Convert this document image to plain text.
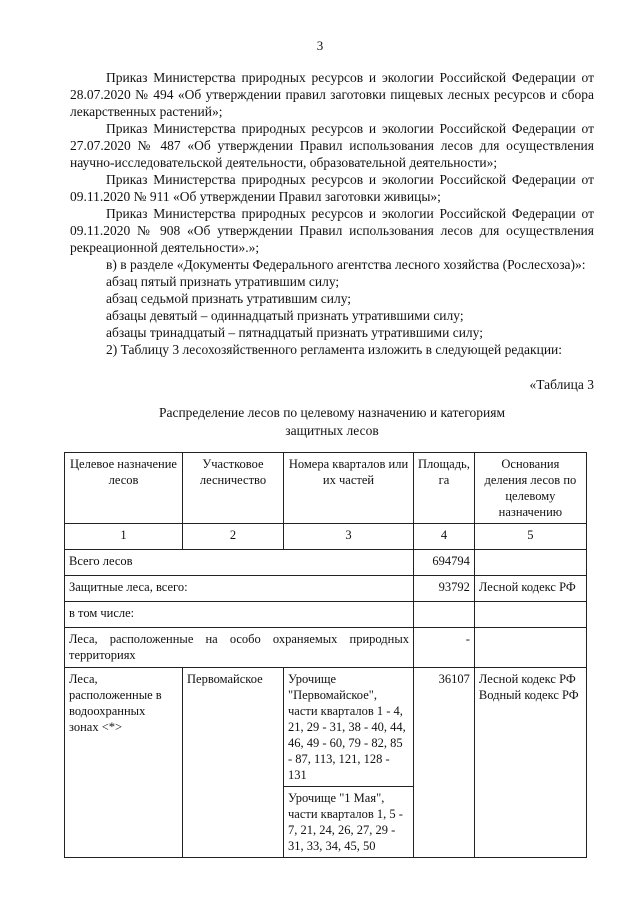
3

Приказ Министерства природных ресурсов и экологии Российской Федерации от 28.07.2020 № 494 «Об утверждении правил заготовки пищевых лесных ресурсов и сбора лекарственных растений»;

Приказ Министерства природных ресурсов и экологии Российской Федерации от 27.07.2020 № 487 «Об утверждении Правил использования лесов для осуществления научно-исследовательской деятельности, образовательной деятельности»;

Приказ Министерства природных ресурсов и экологии Российской Федерации от 09.11.2020 № 911 «Об утверждении Правил заготовки живицы»;

Приказ Министерства природных ресурсов и экологии Российской Федерации от 09.11.2020 № 908 «Об утверждении Правил использования лесов для осуществления рекреационной деятельности».»;

в) в разделе «Документы Федерального агентства лесного хозяйства (Рослесхоза)»:

абзац пятый признать утратившим силу;

абзац седьмой признать утратившим силу;

абзацы девятый – одиннадцатый признать утратившими силу;

абзацы тринадцатый – пятнадцатый признать утратившими силу;

2) Таблицу 3 лесохозяйственного регламента изложить в следующей редакции:

«Таблица 3
Распределение лесов по целевому назначению и категориям
защитных лесов
Целевое назначение лесов	Участковое лесничество	Номера кварталов или их частей	Площадь, га	Основания деления лесов по целевому назначению
1	2	3	4	5
Всего лесов			694794	
Защитные леса, всего:			93792	Лесной кодекс РФ
в том числе:				
Леса, расположенные на особо охраняемых природных территориях			-	
Леса, расположенные в водоохранных зонах <*>	Первомайское	Урочище "Первомайское", части кварталов 1 - 4, 21, 29 - 31, 38 - 40, 44, 46, 49 - 60, 79 - 82, 85 - 87, 113, 121, 128 - 131	36107	Лесной кодекс РФ
Водный кодекс РФ

		Урочище "1 Мая", части кварталов 1, 5 - 7, 21, 24, 26, 27, 29 - 31, 33, 34, 45, 50		
